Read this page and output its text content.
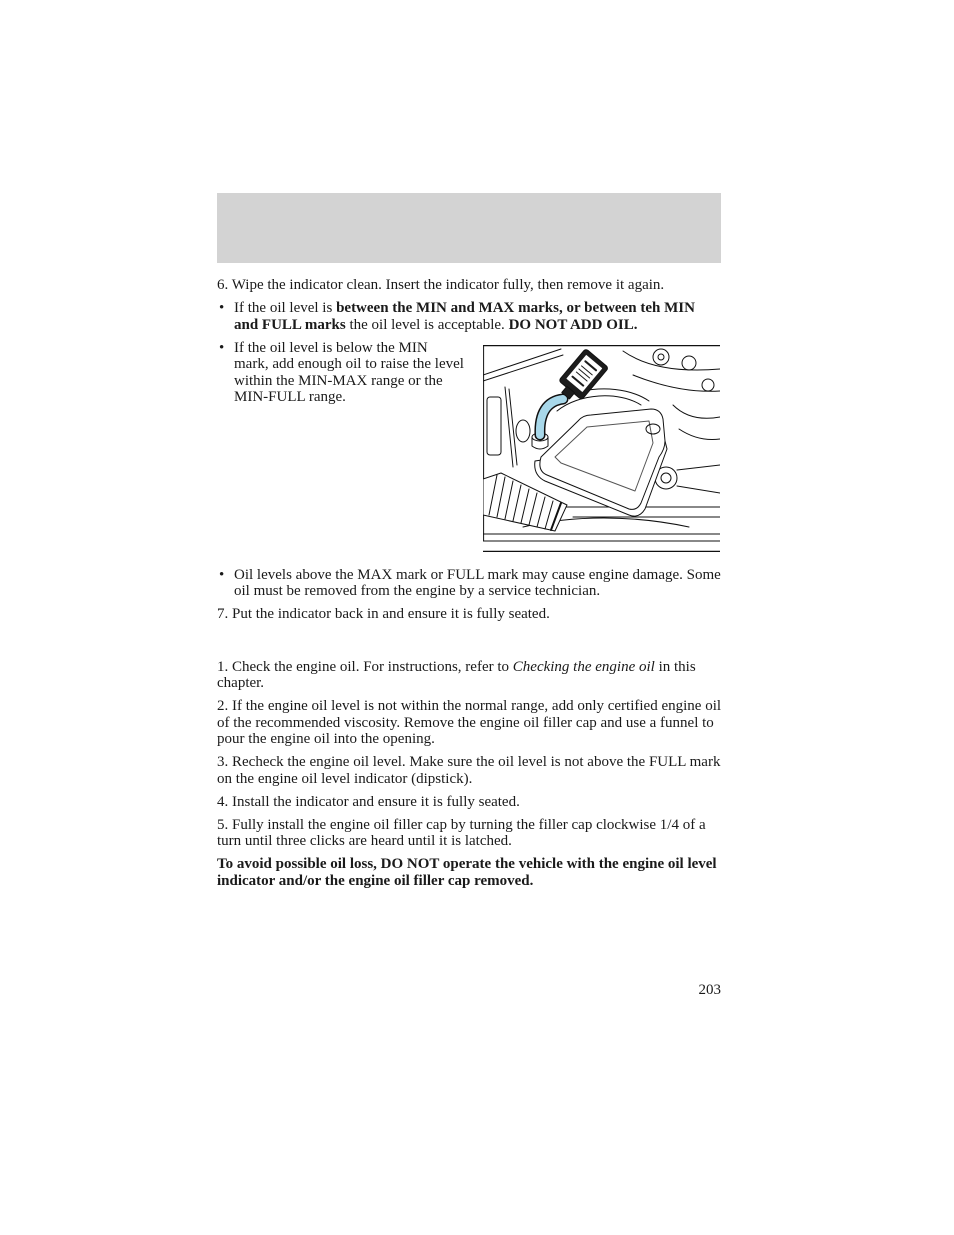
6. Wipe the indicator clean. Insert the indicator fully, then remove it again.

• If the oil level is between the MIN and MAX marks, or between teh MIN and FULL marks the oil level is acceptable. DO NOT ADD OIL.
• If the oil level is below the MIN mark, add enough oil to raise the level within the MIN-MAX range or the MIN-FULL range.
• Oil levels above the MAX mark or FULL mark may cause engine damage. Some oil must be removed from the engine by a service technician.

7. Put the indicator back in and ensure it is fully seated.

1. Check the engine oil. For instructions, refer to Checking the engine oil in this chapter.

2. If the engine oil level is not within the normal range, add only certified engine oil of the recommended viscosity. Remove the engine oil filler cap and use a funnel to pour the engine oil into the opening.

3. Recheck the engine oil level. Make sure the oil level is not above the FULL mark on the engine oil level indicator (dipstick).

4. Install the indicator and ensure it is fully seated.

5. Fully install the engine oil filler cap by turning the filler cap clockwise 1/4 of a turn until three clicks are heard until it is latched.

To avoid possible oil loss, DO NOT operate the vehicle with the engine oil level indicator and/or the engine oil filler cap removed.

203
